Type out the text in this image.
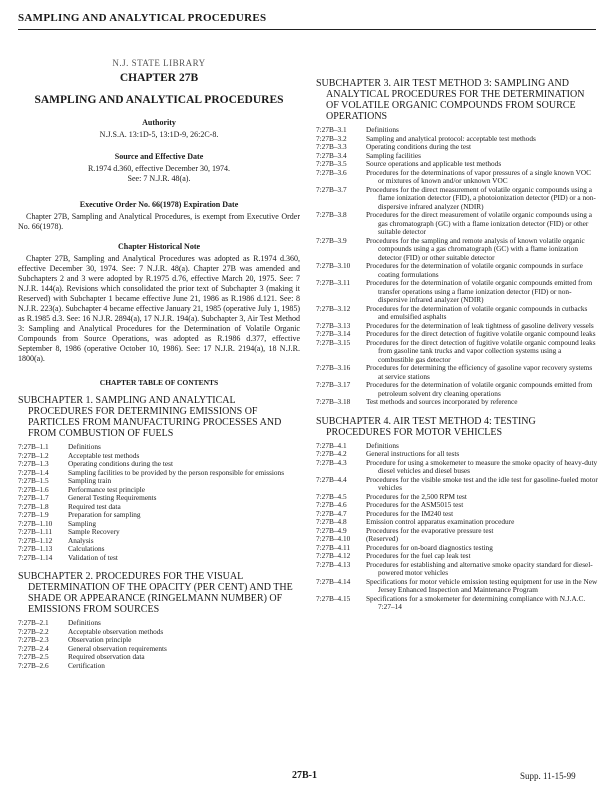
SAMPLING AND ANALYTICAL PROCEDURES
N.J. STATE LIBRARY
CHAPTER 27B
SAMPLING AND ANALYTICAL PROCEDURES
Authority
N.J.S.A. 13:1D-5, 13:1D-9, 26:2C-8.
Source and Effective Date
R.1974 d.360, effective December 30, 1974.
See: 7 N.J.R. 48(a).
Executive Order No. 66(1978) Expiration Date

Chapter 27B, Sampling and Analytical Procedures, is exempt from Executive Order No. 66(1978).

Chapter Historical Note

Chapter 27B, Sampling and Analytical Procedures was adopted as R.1974 d.360, effective December 30, 1974. See: 7 N.J.R. 48(a). Chapter 27B was amended and Subchapters 2 and 3 were adopted by R.1975 d.76, effective March 20, 1975. See: 7 N.J.R. 144(a). Revisions which consolidated the prior text of Subchapter 3 (making it Reserved) with Subchapter 1 became effective June 21, 1986 as R.1986 d.121. See: 8 N.J.R. 223(a). Subchapter 4 became effective January 21, 1985 (operative July 1, 1985) as R.1985 d.3. See: 16 N.J.R. 2894(a), 17 N.J.R. 194(a). Subchapter 3, Air Test Method 3: Sampling and Analytical Procedures for the Determination of Volatile Organic Compounds from Source Operations, was adopted as R.1986 d.377, effective September 8, 1986 (operative October 10, 1986). See: 17 N.J.R. 2194(a), 18 N.J.R. 1800(a).

CHAPTER TABLE OF CONTENTS
SUBCHAPTER 1. SAMPLING AND ANALYTICAL PROCEDURES FOR DETERMINING EMISSIONS OF PARTICLES FROM MANUFACTURING PROCESSES AND FROM COMBUSTION OF FUELS
7:27B–1.1	Definitions
7:27B–1.2	Acceptable test methods
7:27B–1.3	Operating conditions during the test
7:27B–1.4	Sampling facilities to be provided by the person responsible for emissions
7:27B–1.5	Sampling train
7:27B–1.6	Performance test principle
7:27B–1.7	General Testing Requirements
7:27B–1.8	Required test data
7:27B–1.9	Preparation for sampling
7:27B–1.10	Sampling
7:27B–1.11	Sample Recovery
7:27B–1.12	Analysis
7:27B–1.13	Calculations
7:27B–1.14	Validation of test
SUBCHAPTER 2. PROCEDURES FOR THE VISUAL DETERMINATION OF THE OPACITY (PER CENT) AND THE SHADE OR APPEARANCE (RINGELMANN NUMBER) OF EMISSIONS FROM SOURCES
7:27B–2.1	Definitions
7:27B–2.2	Acceptable observation methods
7:27B–2.3	Observation principle
7:27B–2.4	General observation requirements
7:27B–2.5	Required observation data
7:27B–2.6	Certification
SUBCHAPTER 3. AIR TEST METHOD 3: SAMPLING AND ANALYTICAL PROCEDURES FOR THE DETERMINATION OF VOLATILE ORGANIC COMPOUNDS FROM SOURCE OPERATIONS
7:27B–3.1	Definitions
7:27B–3.2	Sampling and analytical protocol: acceptable test methods
7:27B–3.3	Operating conditions during the test
7:27B–3.4	Sampling facilities
7:27B–3.5	Source operations and applicable test methods
7:27B–3.6	Procedures for the determinations of vapor pressures of a single known VOC or mixtures of known and/or unknown VOC
7:27B–3.7	Procedures for the direct measurement of volatile organic compounds using a flame ionization detector (FID), a photoionization detector (PID) or a non-dispersive infrared analyzer (NDIR)
7:27B–3.8	Procedures for the direct measurement of volatile organic compounds using a gas chromatograph (GC) with a flame ionization detector (FID) or other suitable detector
7:27B–3.9	Procedures for the sampling and remote analysis of known volatile organic compounds using a gas chromatograph (GC) with a flame ionization detector (FID) or other suitable detector
7:27B–3.10	Procedures for the determination of volatile organic compounds in surface coating formulations
7:27B–3.11	Procedures for the determination of volatile organic compounds emitted from transfer operations using a flame ionization detector (FID) or non-dispersive infrared analyzer (NDIR)
7:27B–3.12	Procedures for the determination of volatile organic compounds in cutbacks and emulsified asphalts
7:27B–3.13	Procedures for the determination of leak tightness of gasoline delivery vessels
7:27B–3.14	Procedures for the direct detection of fugitive volatile organic compound leaks
7:27B–3.15	Procedures for the direct detection of fugitive volatile organic compound leaks from gasoline tank trucks and vapor collection systems using a combustible gas detector
7:27B–3.16	Procedures for determining the efficiency of gasoline vapor recovery systems at service stations
7:27B–3.17	Procedures for the determination of volatile organic compounds emitted from petroleum solvent dry cleaning operations
7:27B–3.18	Test methods and sources incorporated by reference
SUBCHAPTER 4. AIR TEST METHOD 4: TESTING PROCEDURES FOR MOTOR VEHICLES
7:27B–4.1	Definitions
7:27B–4.2	General instructions for all tests
7:27B–4.3	Procedure for using a smokemeter to measure the smoke opacity of heavy-duty diesel vehicles and diesel buses
7:27B–4.4	Procedures for the visible smoke test and the idle test for gasoline-fueled motor vehicles
7:27B–4.5	Procedures for the 2,500 RPM test
7:27B–4.6	Procedures for the ASM5015 test
7:27B–4.7	Procedures for the IM240 test
7:27B–4.8	Emission control apparatus examination procedure
7:27B–4.9	Procedures for the evaporative pressure test
7:27B–4.10	(Reserved)
7:27B–4.11	Procedures for on-board diagnostics testing
7:27B–4.12	Procedures for the fuel cap leak test
7:27B–4.13	Procedures for establishing and alternative smoke opacity standard for diesel-powered motor vehicles
7:27B–4.14	Specifications for motor vehicle emission testing equipment for use in the New Jersey Enhanced Inspection and Maintenance Program
7:27B–4.15	Specifications for a smokemeter for determining compliance with N.J.A.C. 7:27–14
27B-1	Supp. 11-15-99
